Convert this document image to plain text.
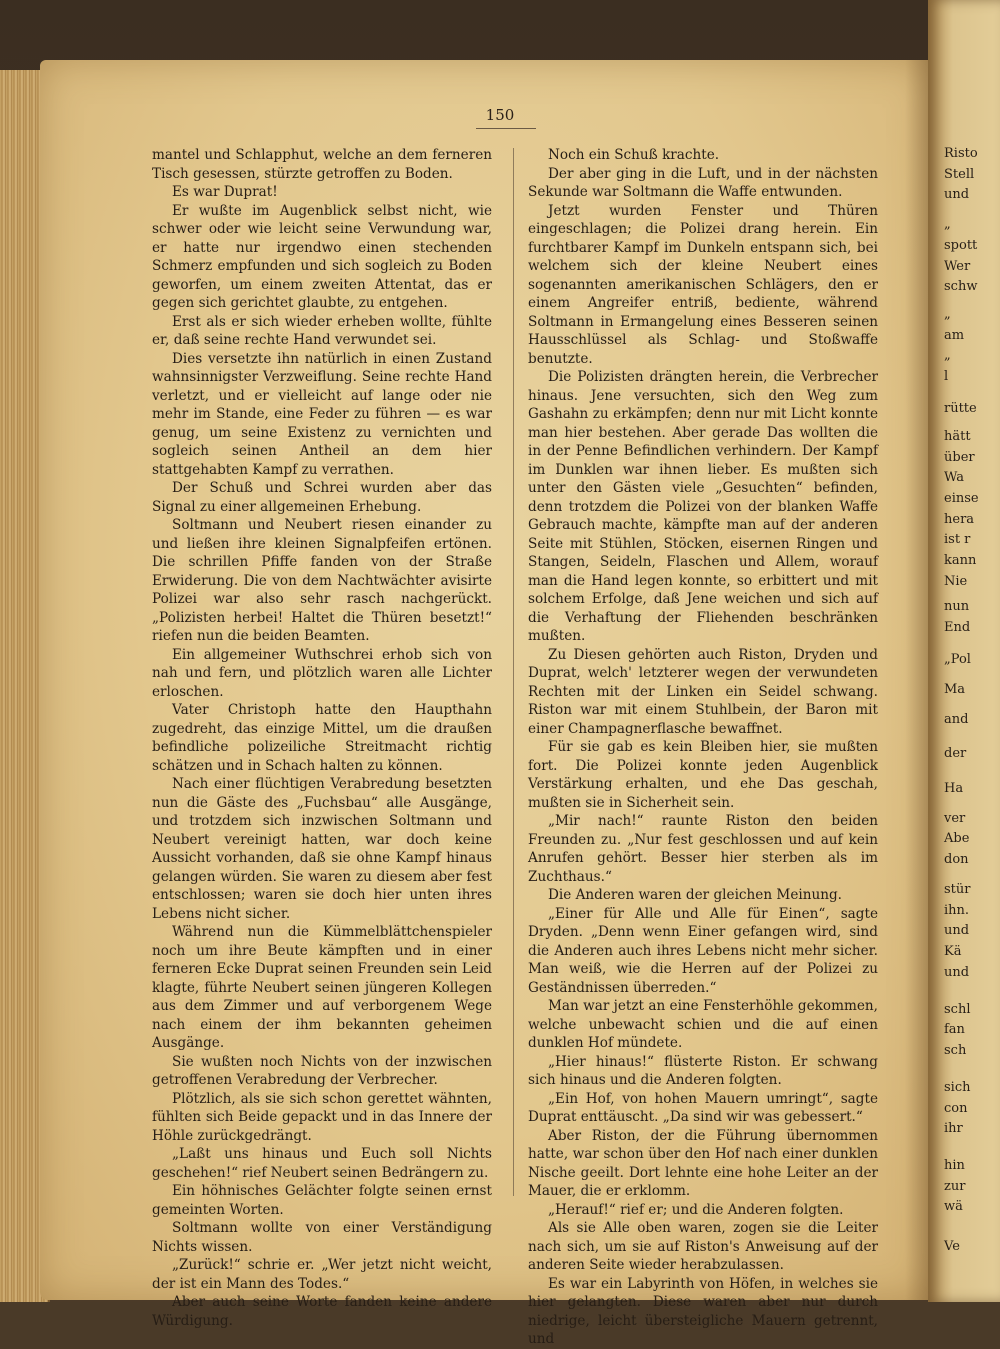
150

mantel und Schlapphut, welche an dem ferneren Tisch gesessen, stürzte getroffen zu Boden.

Es war Duprat!

Er wußte im Augenblick selbst nicht, wie schwer oder wie leicht seine Verwundung war, er hatte nur irgendwo einen stechenden Schmerz empfunden und sich sogleich zu Boden geworfen, um einem zweiten Attentat, das er gegen sich gerichtet glaubte, zu entgehen.

Erst als er sich wieder erheben wollte, fühlte er, daß seine rechte Hand verwundet sei.

Dies versetzte ihn natürlich in einen Zustand wahnsinnigster Verzweiflung. Seine rechte Hand verletzt, und er vielleicht auf lange oder nie mehr im Stande, eine Feder zu führen — es war genug, um seine Existenz zu vernichten und sogleich seinen Antheil an dem hier stattgehabten Kampf zu verrathen.

Der Schuß und Schrei wurden aber das Signal zu einer allgemeinen Erhebung.

Soltmann und Neubert riesen einander zu und ließen ihre kleinen Signalpfeifen ertönen. Die schrillen Pfiffe fanden von der Straße Erwiderung. Die von dem Nachtwächter avisirte Polizei war also sehr rasch nachgerückt. „Polizisten herbei! Haltet die Thüren besetzt!“ riefen nun die beiden Beamten.

Ein allgemeiner Wuthschrei erhob sich von nah und fern, und plötzlich waren alle Lichter erloschen.

Vater Christoph hatte den Haupthahn zugedreht, das einzige Mittel, um die draußen befindliche polizeiliche Streitmacht richtig schätzen und in Schach halten zu können.

Nach einer flüchtigen Verabredung besetzten nun die Gäste des „Fuchsbau“ alle Ausgänge, und trotzdem sich inzwischen Soltmann und Neubert vereinigt hatten, war doch keine Aussicht vorhanden, daß sie ohne Kampf hinaus gelangen würden. Sie waren zu diesem aber fest entschlossen; waren sie doch hier unten ihres Lebens nicht sicher.

Während nun die Kümmelblättchenspieler noch um ihre Beute kämpften und in einer ferneren Ecke Duprat seinen Freunden sein Leid klagte, führte Neubert seinen jüngeren Kollegen aus dem Zimmer und auf verborgenem Wege nach einem der ihm bekannten geheimen Ausgänge.

Sie wußten noch Nichts von der inzwischen getroffenen Verabredung der Verbrecher.

Plötzlich, als sie sich schon gerettet wähnten, fühlten sich Beide gepackt und in das Innere der Höhle zurückgedrängt.

„Laßt uns hinaus und Euch soll Nichts geschehen!“ rief Neubert seinen Bedrängern zu.

Ein höhnisches Gelächter folgte seinen ernst gemeinten Worten.

Soltmann wollte von einer Verständigung Nichts wissen.

„Zurück!“ schrie er. „Wer jetzt nicht weicht, der ist ein Mann des Todes.“

Aber auch seine Worte fanden keine andere Würdigung.

Noch ein Schuß krachte.

Der aber ging in die Luft, und in der nächsten Sekunde war Soltmann die Waffe entwunden.

Jetzt wurden Fenster und Thüren eingeschlagen; die Polizei drang herein. Ein furchtbarer Kampf im Dunkeln entspann sich, bei welchem sich der kleine Neubert eines sogenannten amerikanischen Schlägers, den er einem Angreifer entriß, bediente, während Soltmann in Ermangelung eines Besseren seinen Hausschlüssel als Schlag- und Stoßwaffe benutzte.

Die Polizisten drängten herein, die Verbrecher hinaus. Jene versuchten, sich den Weg zum Gashahn zu erkämpfen; denn nur mit Licht konnte man hier bestehen. Aber gerade Das wollten die in der Penne Befindlichen verhindern. Der Kampf im Dunklen war ihnen lieber. Es mußten sich unter den Gästen viele „Gesuchten“ befinden, denn trotzdem die Polizei von der blanken Waffe Gebrauch machte, kämpfte man auf der anderen Seite mit Stühlen, Stöcken, eisernen Ringen und Stangen, Seideln, Flaschen und Allem, worauf man die Hand legen konnte, so erbittert und mit solchem Erfolge, daß Jene weichen und sich auf die Verhaftung der Fliehenden beschränken mußten.

Zu Diesen gehörten auch Riston, Dryden und Duprat, welch' letzterer wegen der verwundeten Rechten mit der Linken ein Seidel schwang. Riston war mit einem Stuhlbein, der Baron mit einer Champagnerflasche bewaffnet.

Für sie gab es kein Bleiben hier, sie mußten fort. Die Polizei konnte jeden Augenblick Verstärkung erhalten, und ehe Das geschah, mußten sie in Sicherheit sein.

„Mir nach!“ raunte Riston den beiden Freunden zu. „Nur fest geschlossen und auf kein Anrufen gehört. Besser hier sterben als im Zuchthaus.“

Die Anderen waren der gleichen Meinung.

„Einer für Alle und Alle für Einen“, sagte Dryden. „Denn wenn Einer gefangen wird, sind die Anderen auch ihres Lebens nicht mehr sicher. Man weiß, wie die Herren auf der Polizei zu Geständnissen überreden.“

Man war jetzt an eine Fensterhöhle gekommen, welche unbewacht schien und die auf einen dunklen Hof mündete.

„Hier hinaus!“ flüsterte Riston. Er schwang sich hinaus und die Anderen folgten.

„Ein Hof, von hohen Mauern umringt“, sagte Duprat enttäuscht. „Da sind wir was gebessert.“

Aber Riston, der die Führung übernommen hatte, war schon über den Hof nach einer dunklen Nische geeilt. Dort lehnte eine hohe Leiter an der Mauer, die er erklomm.

„Herauf!“ rief er; und die Anderen folgten.

Als sie Alle oben waren, zogen sie die Leiter nach sich, um sie auf Riston's Anweisung auf der anderen Seite wieder herabzulassen.

Es war ein Labyrinth von Höfen, in welches sie hier gelangten. Diese waren aber nur durch niedrige, leicht übersteigliche Mauern getrennt, und

Risto
Stell
und
„
spott
Wer
schw
„
am
„
l
rütte
hätt
über
Wa
einse
hera
ist r
kann
Nie
nun
End
„Pol
Ma
and
der
Ha
ver
Abe
don
stür
ihn.
und
Kä
und
schl
fan
sch
sich
con
ihr
hin
zur
wä
Ve
